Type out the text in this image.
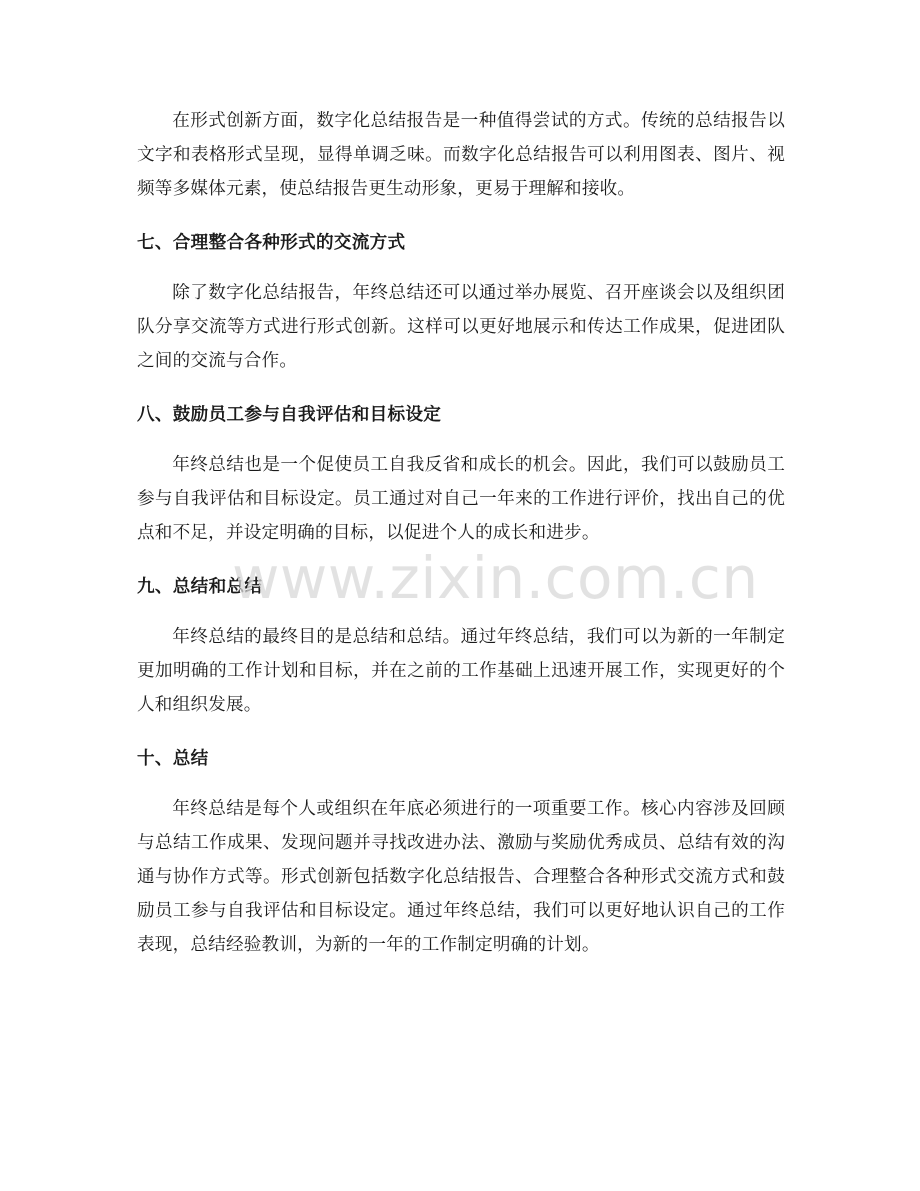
在形式创新方面，数字化总结报告是一种值得尝试的方式。传统的总结报告以文字和表格形式呈现，显得单调乏味。而数字化总结报告可以利用图表、图片、视频等多媒体元素，使总结报告更生动形象，更易于理解和接收。

七、合理整合各种形式的交流方式

除了数字化总结报告，年终总结还可以通过举办展览、召开座谈会以及组织团队分享交流等方式进行形式创新。这样可以更好地展示和传达工作成果，促进团队之间的交流与合作。

八、鼓励员工参与自我评估和目标设定

年终总结也是一个促使员工自我反省和成长的机会。因此，我们可以鼓励员工参与自我评估和目标设定。员工通过对自己一年来的工作进行评价，找出自己的优点和不足，并设定明确的目标，以促进个人的成长和进步。

九、总结和总结

年终总结的最终目的是总结和总结。通过年终总结，我们可以为新的一年制定更加明确的工作计划和目标，并在之前的工作基础上迅速开展工作，实现更好的个人和组织发展。

十、总结

年终总结是每个人或组织在年底必须进行的一项重要工作。核心内容涉及回顾与总结工作成果、发现问题并寻找改进办法、激励与奖励优秀成员、总结有效的沟通与协作方式等。形式创新包括数字化总结报告、合理整合各种形式交流方式和鼓励员工参与自我评估和目标设定。通过年终总结，我们可以更好地认识自己的工作表现，总结经验教训，为新的一年的工作制定明确的计划。

www.zixin.com.cn
